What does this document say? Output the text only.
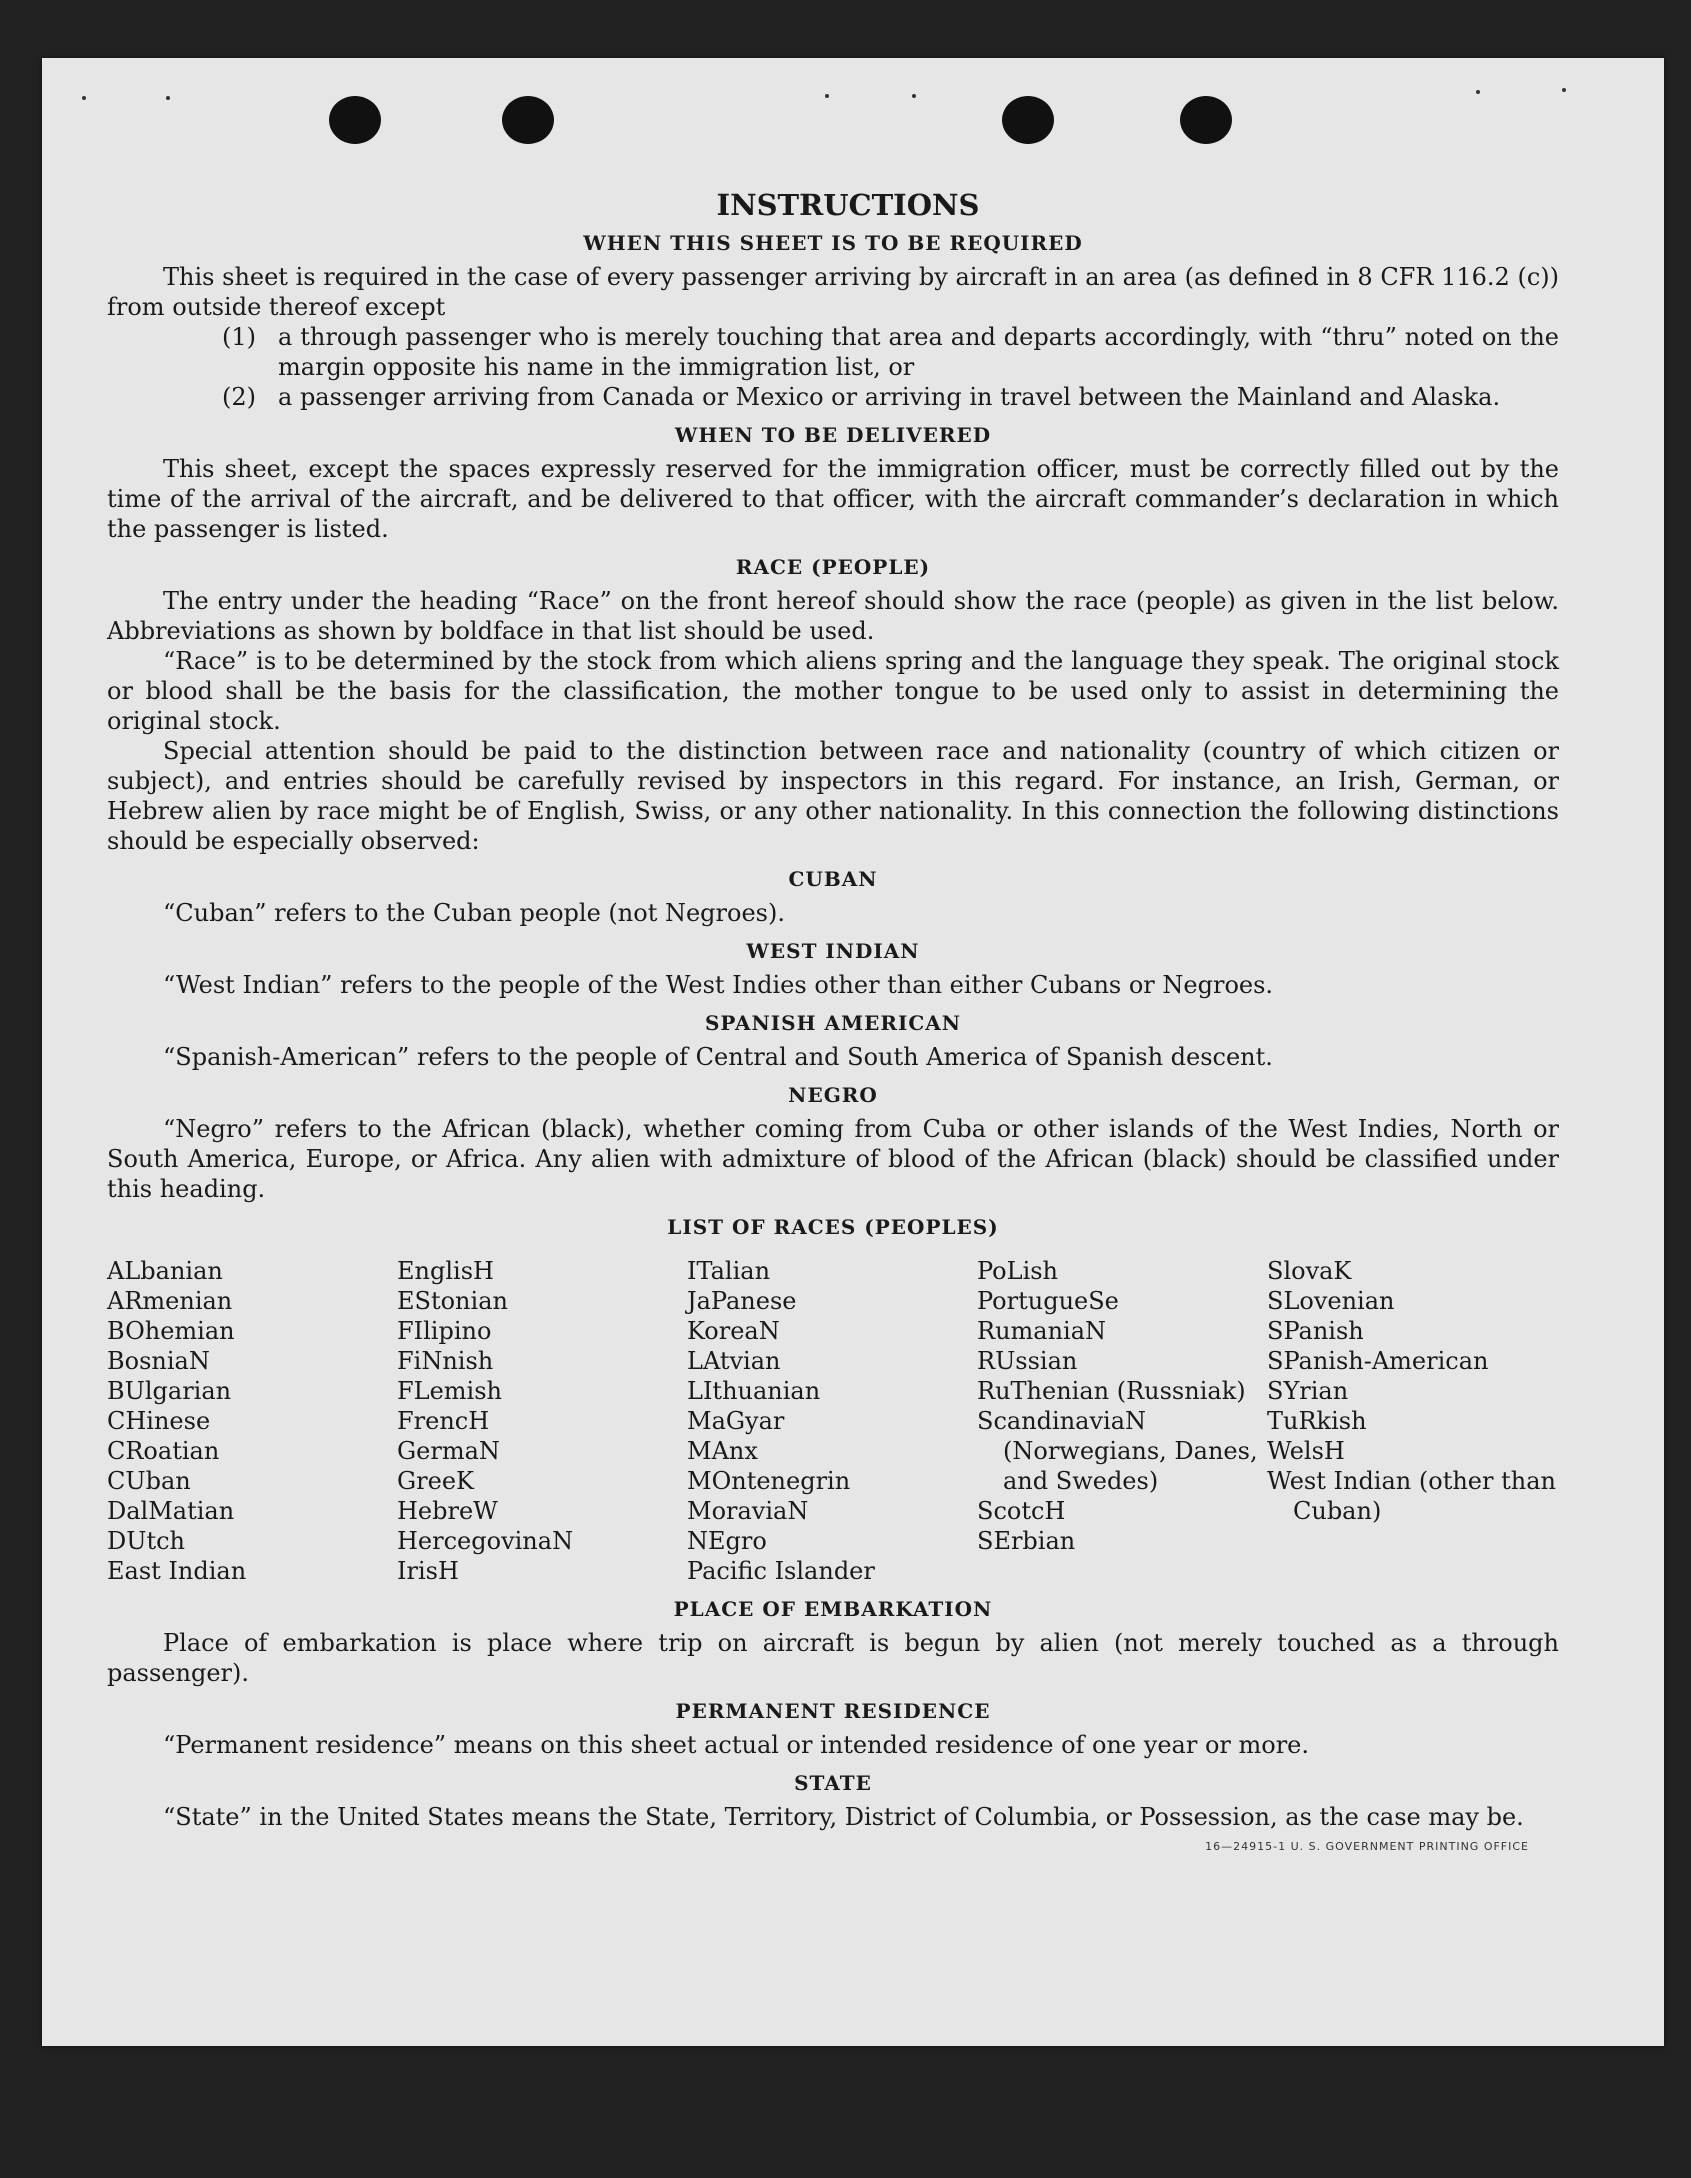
INSTRUCTIONS
WHEN THIS SHEET IS TO BE REQUIRED

This sheet is required in the case of every passenger arriving by aircraft in an area (as defined in 8 CFR 116.2 (c)) from outside thereof except

(1) a through passenger who is merely touching that area and departs accordingly, with “thru” noted on the margin opposite his name in the immigration list, or
(2) a passenger arriving from Canada or Mexico or arriving in travel between the Mainland and Alaska.
WHEN TO BE DELIVERED

This sheet, except the spaces expressly reserved for the immigration officer, must be correctly filled out by the time of the arrival of the aircraft, and be delivered to that officer, with the aircraft commander’s declaration in which the passenger is listed.

RACE (PEOPLE)

The entry under the heading “Race” on the front hereof should show the race (people) as given in the list below. Abbreviations as shown by boldface in that list should be used.

“Race” is to be determined by the stock from which aliens spring and the language they speak. The original stock or blood shall be the basis for the classification, the mother tongue to be used only to assist in determining the original stock.

Special attention should be paid to the distinction between race and nationality (country of which citizen or subject), and entries should be carefully revised by inspectors in this regard. For instance, an Irish, German, or Hebrew alien by race might be of English, Swiss, or any other nationality. In this connection the following distinctions should be especially observed:

CUBAN

“Cuban” refers to the Cuban people (not Negroes).

WEST INDIAN

“West Indian” refers to the people of the West Indies other than either Cubans or Negroes.

SPANISH AMERICAN

“Spanish-American” refers to the people of Central and South America of Spanish descent.

NEGRO

“Negro” refers to the African (black), whether coming from Cuba or other islands of the West Indies, North or South America, Europe, or Africa. Any alien with admixture of blood of the African (black) should be classified under this heading.

LIST OF RACES (PEOPLES)
ALbanian
ARmenian
BOhemian
BosniaN
BUlgarian
CHinese
CRoatian
CUban
DalMatian
DUtch
East Indian
EnglisH
EStonian
FIlipino
FiNnish
FLemish
FrencH
GermaN
GreeK
HebreW
HercegovinaN
IrisH
ITalian
JaPanese
KoreaN
LAtvian
LIthuanian
MaGyar
MAnx
MOntenegrin
MoraviaN
NEgro
Pacific Islander
PoLish
PortugueSe
RumaniaN
RUssian
RuThenian (Russniak)
ScandinaviaN (Norwegians, Danes, and Swedes)
ScotcH
SErbian
SlovaK
SLovenian
SPanish
SPanish-American
SYrian
TuRkish
WelsH
West Indian (other than Cuban)
PLACE OF EMBARKATION

Place of embarkation is place where trip on aircraft is begun by alien (not merely touched as a through passenger).

PERMANENT RESIDENCE

“Permanent residence” means on this sheet actual or intended residence of one year or more.

STATE

“State” in the United States means the State, Territory, District of Columbia, or Possession, as the case may be.

16—24915-1 U. S. GOVERNMENT PRINTING OFFICE
